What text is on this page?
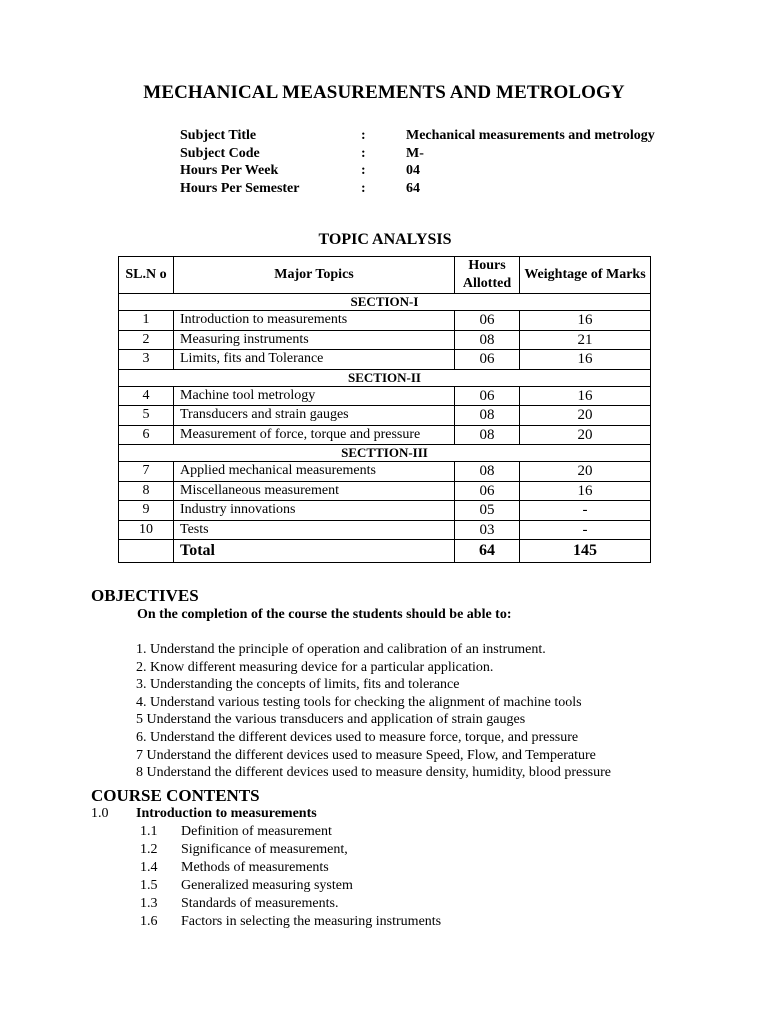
MECHANICAL MEASUREMENTS AND METROLOGY
Subject Title	:	Mechanical measurements and metrology
Subject Code	:	M-
Hours Per Week	:	04
Hours Per Semester	:	64
TOPIC ANALYSIS
SL.N o	Major Topics	Hours Allotted	Weightage of Marks
SECTION-I			
1	Introduction to measurements	06	16
2	Measuring instruments	08	21
3	Limits, fits and Tolerance	06	16
SECTION-II			
4	Machine tool metrology	06	16
5	Transducers and strain gauges	08	20
6	Measurement of force, torque and pressure	08	20
SECTTION-III			
7	Applied mechanical measurements	08	20
8	Miscellaneous measurement	06	16
9	Industry innovations	05	-
10	Tests	03	-
	Total	64	145
OBJECTIVES
On the completion of the course the students should be able to:
1. Understand the principle of operation and calibration of an instrument.
2. Know different measuring device for a particular application.
3. Understanding the concepts of limits, fits and tolerance
4. Understand various testing tools for checking the alignment of machine tools
5 Understand the various transducers and application of strain gauges
6. Understand the different devices used to measure force, torque, and pressure
7 Understand the different devices used to measure Speed, Flow, and Temperature
8 Understand the different devices used to measure density, humidity, blood pressure
COURSE CONTENTS
1.0 Introduction to measurements
1.1 Definition of measurement
1.2 Significance of measurement,
1.4 Methods of measurements
1.5 Generalized measuring system
1.3 Standards of measurements.
1.6 Factors in selecting the measuring instruments
